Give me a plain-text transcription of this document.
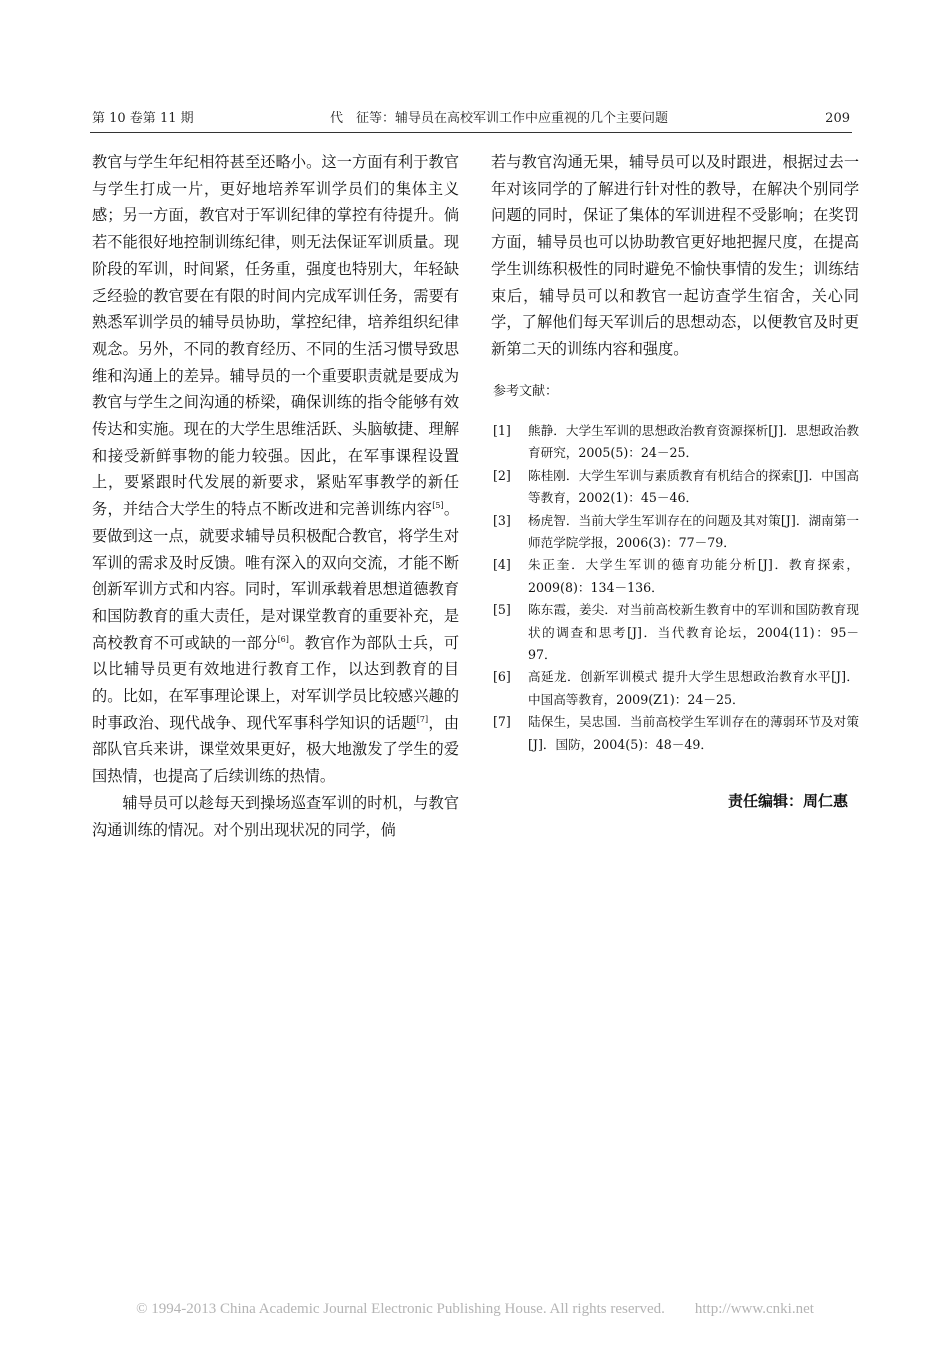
第 10 卷第 11 期	代　征等：辅导员在高校军训工作中应重视的几个主要问题	209

教官与学生年纪相符甚至还略小。这一方面有利于教官与学生打成一片，更好地培养军训学员们的集体主义感；另一方面，教官对于军训纪律的掌控有待提升。倘若不能很好地控制训练纪律，则无法保证军训质量。现阶段的军训，时间紧，任务重，强度也特别大，年轻缺乏经验的教官要在有限的时间内完成军训任务，需要有熟悉军训学员的辅导员协助，掌控纪律，培养组织纪律观念。另外，不同的教育经历、不同的生活习惯导致思维和沟通上的差异。辅导员的一个重要职责就是要成为教官与学生之间沟通的桥梁，确保训练的指令能够有效传达和实施。现在的大学生思维活跃、头脑敏捷、理解和接受新鲜事物的能力较强。因此，在军事课程设置上，要紧跟时代发展的新要求，紧贴军事教学的新任务，并结合大学生的特点不断改进和完善训练内容[5]。要做到这一点，就要求辅导员积极配合教官，将学生对军训的需求及时反馈。唯有深入的双向交流，才能不断创新军训方式和内容。同时，军训承载着思想道德教育和国防教育的重大责任，是对课堂教育的重要补充，是高校教育不可或缺的一部分[6]。教官作为部队士兵，可以比辅导员更有效地进行教育工作，以达到教育的目的。比如，在军事理论课上，对军训学员比较感兴趣的时事政治、现代战争、现代军事科学知识的话题[7]，由部队官兵来讲，课堂效果更好，极大地激发了学生的爱国热情，也提高了后续训练的热情。

辅导员可以趁每天到操场巡查军训的时机，与教官沟通训练的情况。对个别出现状况的同学，倘

若与教官沟通无果，辅导员可以及时跟进，根据过去一年对该同学的了解进行针对性的教导，在解决个别同学问题的同时，保证了集体的军训进程不受影响；在奖罚方面，辅导员也可以协助教官更好地把握尺度，在提高学生训练积极性的同时避免不愉快事情的发生；训练结束后，辅导员可以和教官一起访查学生宿舍，关心同学，了解他们每天军训后的思想动态，以便教官及时更新第二天的训练内容和强度。

参考文献：
[1] 熊静．大学生军训的思想政治教育资源探析[J]．思想政治教育研究，2005(5)：24－25．
[2] 陈桂刚．大学生军训与素质教育有机结合的探索[J]．中国高等教育，2002(1)：45－46．
[3] 杨虎智．当前大学生军训存在的问题及其对策[J]．湖南第一师范学院学报，2006(3)：77－79．
[4] 朱正奎．大学生军训的德育功能分析[J]．教育探索，2009(8)：134－136．
[5] 陈东霞，姜尖．对当前高校新生教育中的军训和国防教育现状的调查和思考[J]．当代教育论坛，2004(11)：95－97．
[6] 高延龙．创新军训模式 提升大学生思想政治教育水平[J]．中国高等教育，2009(Z1)：24－25．
[7] 陆保生，吴忠国．当前高校学生军训存在的薄弱环节及对策[J]．国防，2004(5)：48－49．
责任编辑：周仁惠
© 1994-2013 China Academic Journal Electronic Publishing House. All rights reserved.　　http://www.cnki.net
